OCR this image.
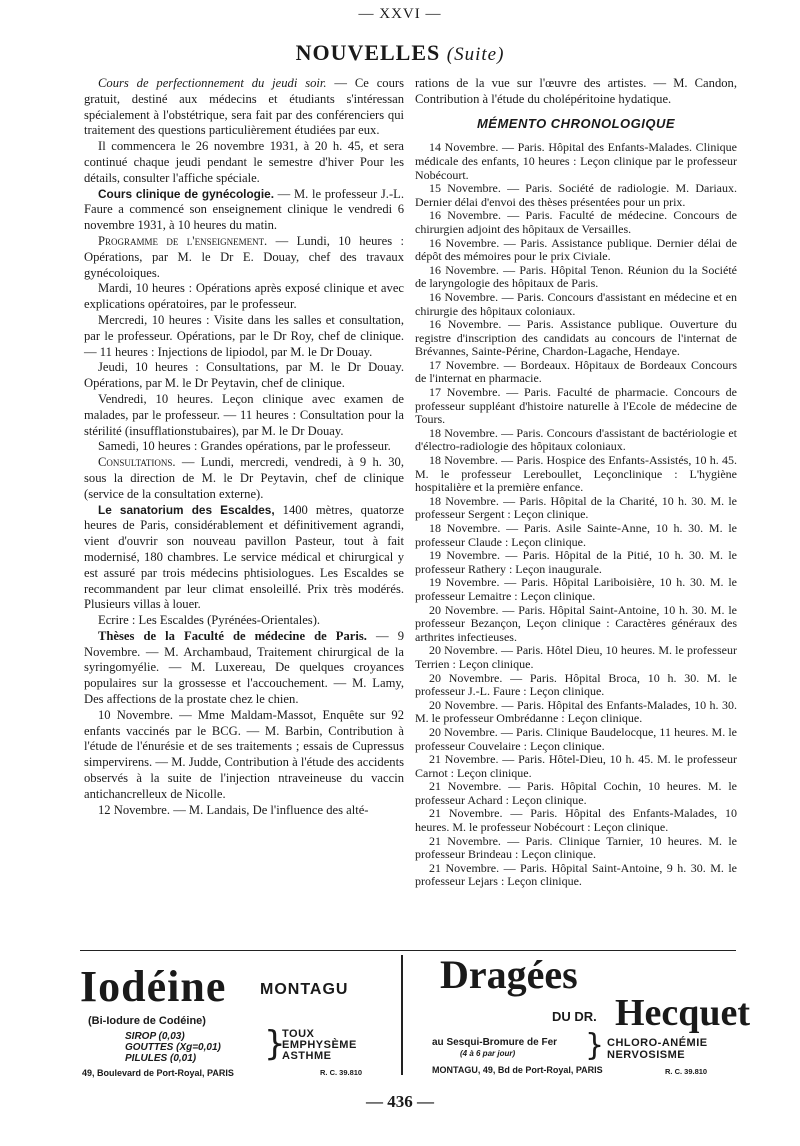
— XXVI —
NOUVELLES (Suite)

Cours de perfectionnement du jeudi soir. — Ce cours gratuit, destiné aux médecins et étudiants s'intéressan spécialement à l'obstétrique, sera fait par des conférenciers qui traitement des questions particulièrement étudiées par eux.

Il commencera le 26 novembre 1931, à 20 h. 45, et sera continué chaque jeudi pendant le semestre d'hiver Pour les détails, consulter l'affiche spéciale.

Cours clinique de gynécologie. — M. le professeur J.-L. Faure a commencé son enseignement clinique le vendredi 6 novembre 1931, à 10 heures du matin.

Programme de l'enseignement. — Lundi, 10 heures : Opérations, par M. le Dr E. Douay, chef des travaux gynécoloiques.

Mardi, 10 heures : Opérations après exposé clinique et avec explications opératoires, par le professeur.

Mercredi, 10 heures : Visite dans les salles et consultation, par le professeur. Opérations, par le Dr Roy, chef de clinique. — 11 heures : Injections de lipiodol, par M. le Dr Douay.

Jeudi, 10 heures : Consultations, par M. le Dr Douay. Opérations, par M. le Dr Peytavin, chef de clinique.

Vendredi, 10 heures. Leçon clinique avec examen de malades, par le professeur. — 11 heures : Consultation pour la stérilité (insufflationstubaires), par M. le Dr Douay.

Samedi, 10 heures : Grandes opérations, par le professeur.

Consultations. — Lundi, mercredi, vendredi, à 9 h. 30, sous la direction de M. le Dr Peytavin, chef de clinique (service de la consultation externe).

Le sanatorium des Escaldes, 1400 mètres, quatorze heures de Paris, considérablement et définitivement agrandi, vient d'ouvrir son nouveau pavillon Pasteur, tout à fait modernisé, 180 chambres. Le service médical et chirurgical y est assuré par trois médecins phtisiologues. Les Escaldes se recommandent par leur climat ensoleillé. Prix très modérés. Plusieurs villas à louer.

Ecrire : Les Escaldes (Pyrénées-Orientales).

Thèses de la Faculté de médecine de Paris. — 9 Novembre. — M. Archambaud, Traitement chirurgical de la syringomyélie. — M. Luxereau, De quelques croyances populaires sur la grossesse et l'accouchement. — M. Lamy, Des affections de la prostate chez le chien.

10 Novembre. — Mme Maldam-Massot, Enquête sur 92 enfants vaccinés par le BCG. — M. Barbin, Contribution à l'étude de l'énurésie et de ses traitements ; essais de Cupressus simpervirens. — M. Judde, Contribution à l'étude des accidents observés à la suite de l'injection ntraveineuse du vaccin antichancrelleux de Nicolle.

12 Novembre. — M. Landais, De l'influence des alté-

rations de la vue sur l'œuvre des artistes. — M. Candon, Contribution à l'étude du cholépéritoine hydatique.

MÉMENTO CHRONOLOGIQUE

14 Novembre. — Paris. Hôpital des Enfants-Malades. Clinique médicale des enfants, 10 heures : Leçon clinique par le professeur Nobécourt.

15 Novembre. — Paris. Société de radiologie. M. Dariaux. Dernier délai d'envoi des thèses présentées pour un prix.

16 Novembre. — Paris. Faculté de médecine. Concours de chirurgien adjoint des hôpitaux de Versailles.

16 Novembre. — Paris. Assistance publique. Dernier délai de dépôt des mémoires pour le prix Civiale.

16 Novembre. — Paris. Hôpital Tenon. Réunion du la Société de laryngologie des hôpitaux de Paris.

16 Novembre. — Paris. Concours d'assistant en médecine et en chirurgie des hôpitaux coloniaux.

16 Novembre. — Paris. Assistance publique. Ouverture du registre d'inscription des candidats au concours de l'internat de Brévannes, Sainte-Périne, Chardon-Lagache, Hendaye.

17 Novembre. — Bordeaux. Hôpitaux de Bordeaux Concours de l'internat en pharmacie.

17 Novembre. — Paris. Faculté de pharmacie. Concours de professeur suppléant d'histoire naturelle à l'Ecole de médecine de Tours.

18 Novembre. — Paris. Concours d'assistant de bactériologie et d'électro-radiologie des hôpitaux coloniaux.

18 Novembre. — Paris. Hospice des Enfants-Assistés, 10 h. 45. M. le professeur Lereboullet, Leçonclinique : L'hygiène hospitalière et la première enfance.

18 Novembre. — Paris. Hôpital de la Charité, 10 h. 30. M. le professeur Sergent : Leçon clinique.

18 Novembre. — Paris. Asile Sainte-Anne, 10 h. 30. M. le professeur Claude : Leçon clinique.

19 Novembre. — Paris. Hôpital de la Pitié, 10 h. 30. M. le professeur Rathery : Leçon inaugurale.

19 Novembre. — Paris. Hôpital Lariboisière, 10 h. 30. M. le professeur Lemaitre : Leçon clinique.

20 Novembre. — Paris. Hôpital Saint-Antoine, 10 h. 30. M. le professeur Bezançon, Leçon clinique : Caractères généraux des arthrites infectieuses.

20 Novembre. — Paris. Hôtel Dieu, 10 heures. M. le professeur Terrien : Leçon clinique.

20 Novembre. — Paris. Hôpital Broca, 10 h. 30. M. le professeur J.-L. Faure : Leçon clinique.

20 Novembre. — Paris. Hôpital des Enfants-Malades, 10 h. 30. M. le professeur Ombrédanne : Leçon clinique.

20 Novembre. — Paris. Clinique Baudelocque, 11 heures. M. le professeur Couvelaire : Leçon clinique.

21 Novembre. — Paris. Hôtel-Dieu, 10 h. 45. M. le professeur Carnot : Leçon clinique.

21 Novembre. — Paris. Hôpital Cochin, 10 heures. M. le professeur Achard : Leçon clinique.

21 Novembre. — Paris. Hôpital des Enfants-Malades, 10 heures. M. le professeur Nobécourt : Leçon clinique.

21 Novembre. — Paris. Clinique Tarnier, 10 heures. M. le professeur Brindeau : Leçon clinique.

21 Novembre. — Paris. Hôpital Saint-Antoine, 9 h. 30. M. le professeur Lejars : Leçon clinique.

Iodéine MONTAGU
(Bi-Iodure de Codéine)
SIROP (0,03)
GOUTTES (Xg=0,01)
PILULES (0,01)	}
TOUX
EMPHYSÈME
ASTHME
49, Boulevard de Port-Royal, PARIS	R. C. 39.810
Dragées
DU DR. Hecquet
au Sesqui-Bromure de Fer
(4 à 6 par jour) } CHLORO-ANÉMIE
NERVOSISME
MONTAGU, 49, Bd de Port-Royal, PARIS	R. C. 39.810
— 436 —
